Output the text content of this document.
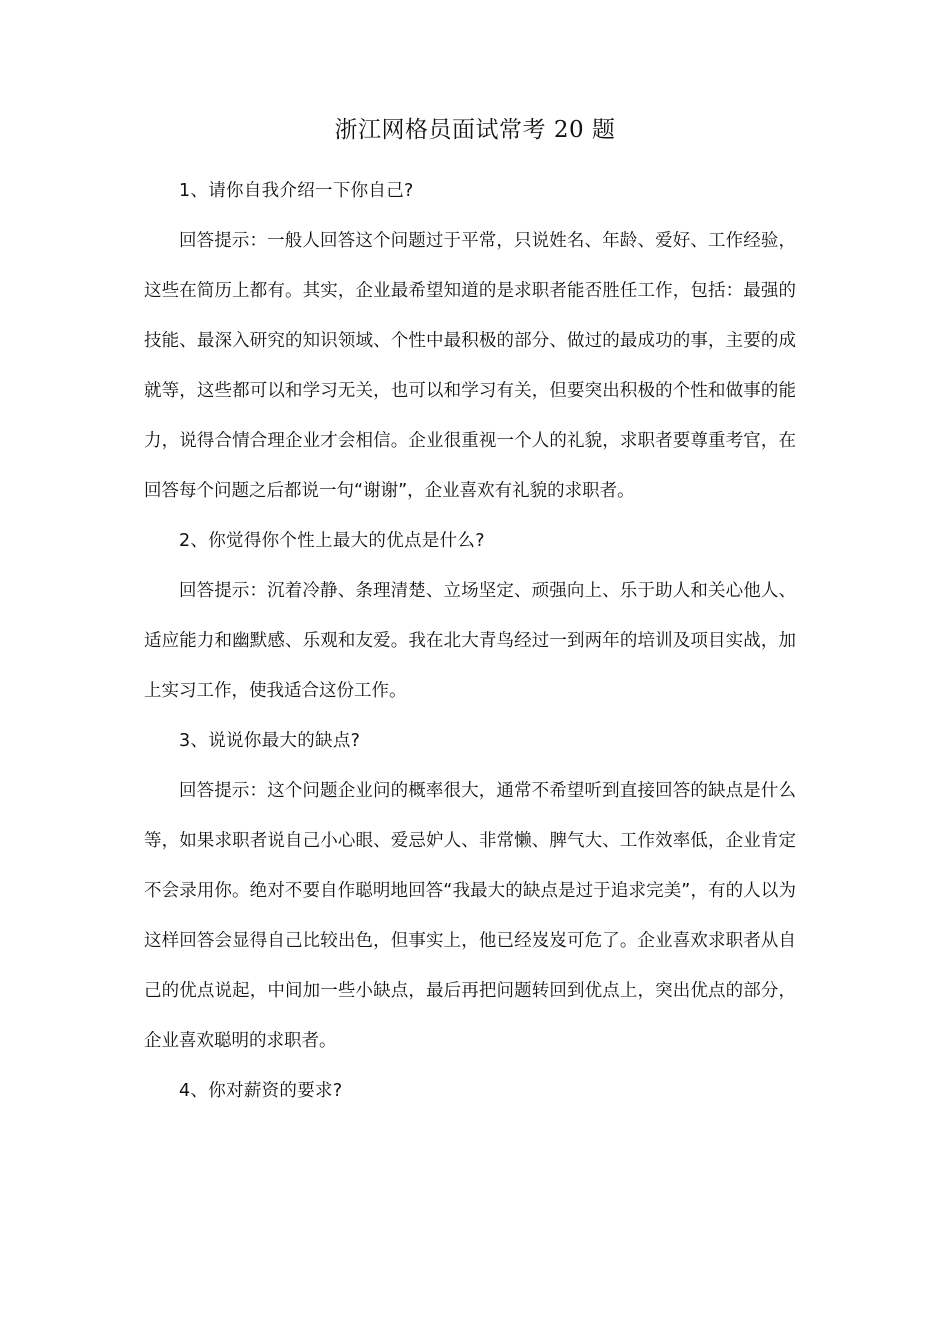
浙江网格员面试常考 20 题

1、请你自我介绍一下你自己?

回答提示：一般人回答这个问题过于平常，只说姓名、年龄、爱好、工作经验，这些在简历上都有。其实，企业最希望知道的是求职者能否胜任工作，包括：最强的技能、最深入研究的知识领域、个性中最积极的部分、做过的最成功的事，主要的成就等，这些都可以和学习无关，也可以和学习有关，但要突出积极的个性和做事的能力，说得合情合理企业才会相信。企业很重视一个人的礼貌，求职者要尊重考官，在回答每个问题之后都说一句“谢谢”，企业喜欢有礼貌的求职者。

2、你觉得你个性上最大的优点是什么?

回答提示：沉着冷静、条理清楚、立场坚定、顽强向上、乐于助人和关心他人、适应能力和幽默感、乐观和友爱。我在北大青鸟经过一到两年的培训及项目实战，加上实习工作，使我适合这份工作。

3、说说你最大的缺点?

回答提示：这个问题企业问的概率很大，通常不希望听到直接回答的缺点是什么等，如果求职者说自己小心眼、爱忌妒人、非常懒、脾气大、工作效率低，企业肯定不会录用你。绝对不要自作聪明地回答“我最大的缺点是过于追求完美”，有的人以为这样回答会显得自己比较出色，但事实上，他已经岌岌可危了。企业喜欢求职者从自己的优点说起，中间加一些小缺点，最后再把问题转回到优点上，突出优点的部分，企业喜欢聪明的求职者。

4、你对薪资的要求?
